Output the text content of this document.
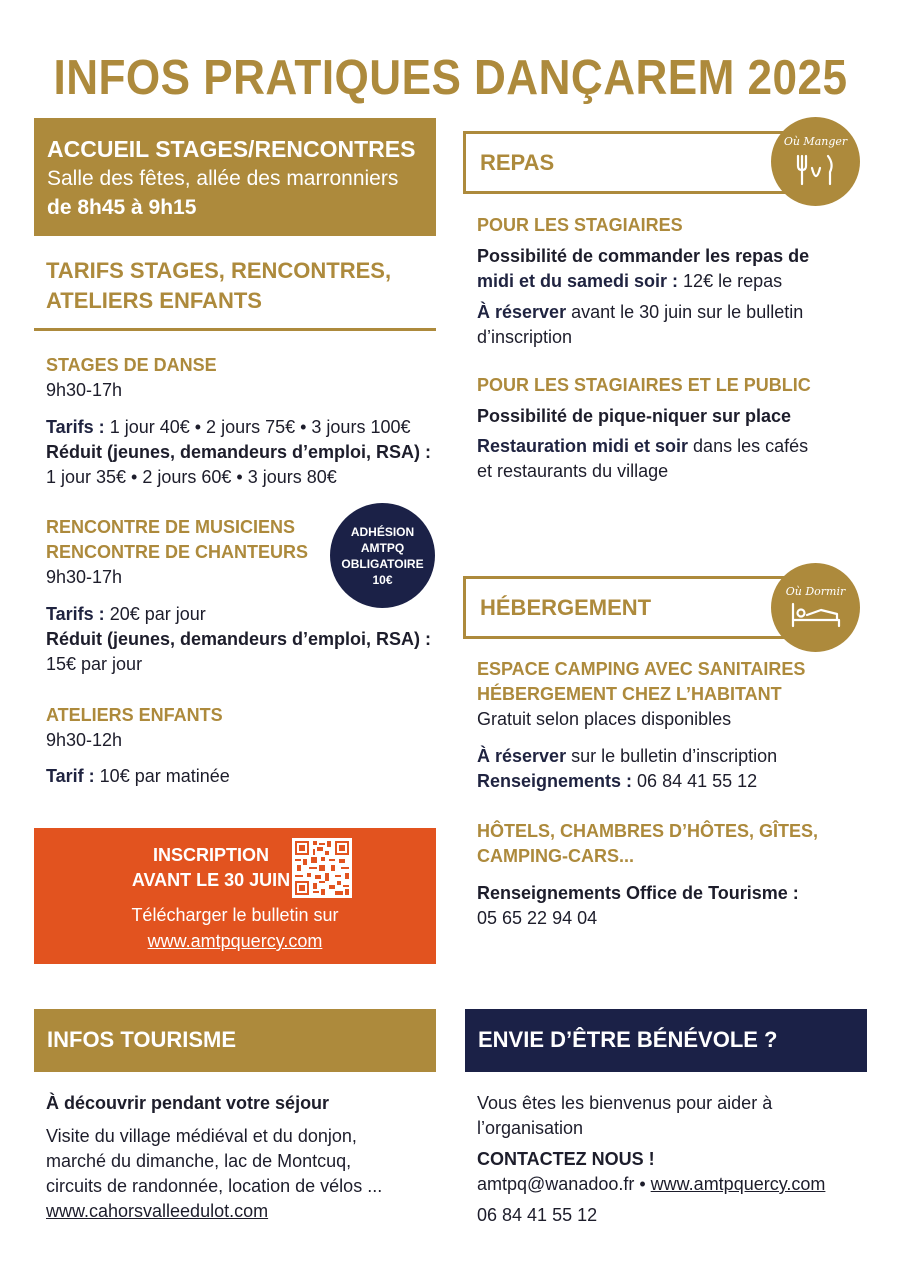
INFOS PRATIQUES DANÇAREM 2025
ACCUEIL STAGES/RENCONTRES
Salle des fêtes, allée des marronniers
de 8h45 à 9h15
TARIFS STAGES, RENCONTRES,
ATELIERS ENFANTS
STAGES DE DANSE
9h30-17h
Tarifs : 1 jour 40€ • 2 jours 75€ • 3 jours 100€
Réduit (jeunes, demandeurs d’emploi, RSA) :
1 jour 35€ • 2 jours 60€ • 3 jours 80€
RENCONTRE DE MUSICIENS
RENCONTRE DE CHANTEURS
9h30-17h
Tarifs : 20€ par jour
Réduit (jeunes, demandeurs d’emploi, RSA) :
15€ par jour
ADHÉSION
AMTPQ
OBLIGATOIRE
10€
ATELIERS ENFANTS
9h30-12h
Tarif : 10€ par matinée
INSCRIPTION
AVANT LE 30 JUIN
Télécharger le bulletin sur
www.amtpquercy.com
INFOS TOURISME
À découvrir pendant votre séjour
Visite du village médiéval et du donjon,
marché du dimanche, lac de Montcuq,
circuits de randonnée, location de vélos ...
www.cahorsvalleedulot.com
REPAS
Où Manger
POUR LES STAGIAIRES
Possibilité de commander les repas de
midi et du samedi soir : 12€ le repas
À réserver avant le 30 juin sur le bulletin
d’inscription
POUR LES STAGIAIRES ET LE PUBLIC
Possibilité de pique-niquer sur place
Restauration midi et soir dans les cafés
et restaurants du village
HÉBERGEMENT
Où Dormir
ESPACE CAMPING AVEC SANITAIRES
HÉBERGEMENT CHEZ L’HABITANT
Gratuit selon places disponibles
À réserver sur le bulletin d’inscription
Renseignements : 06 84 41 55 12
HÔTELS, CHAMBRES D’HÔTES, GÎTES,
CAMPING-CARS...
Renseignements Office de Tourisme :
05 65 22 94 04
ENVIE D’ÊTRE BÉNÉVOLE ?
Vous êtes les bienvenus pour aider à
l’organisation
CONTACTEZ NOUS !
amtpq@wanadoo.fr • www.amtpquercy.com
06 84 41 55 12
